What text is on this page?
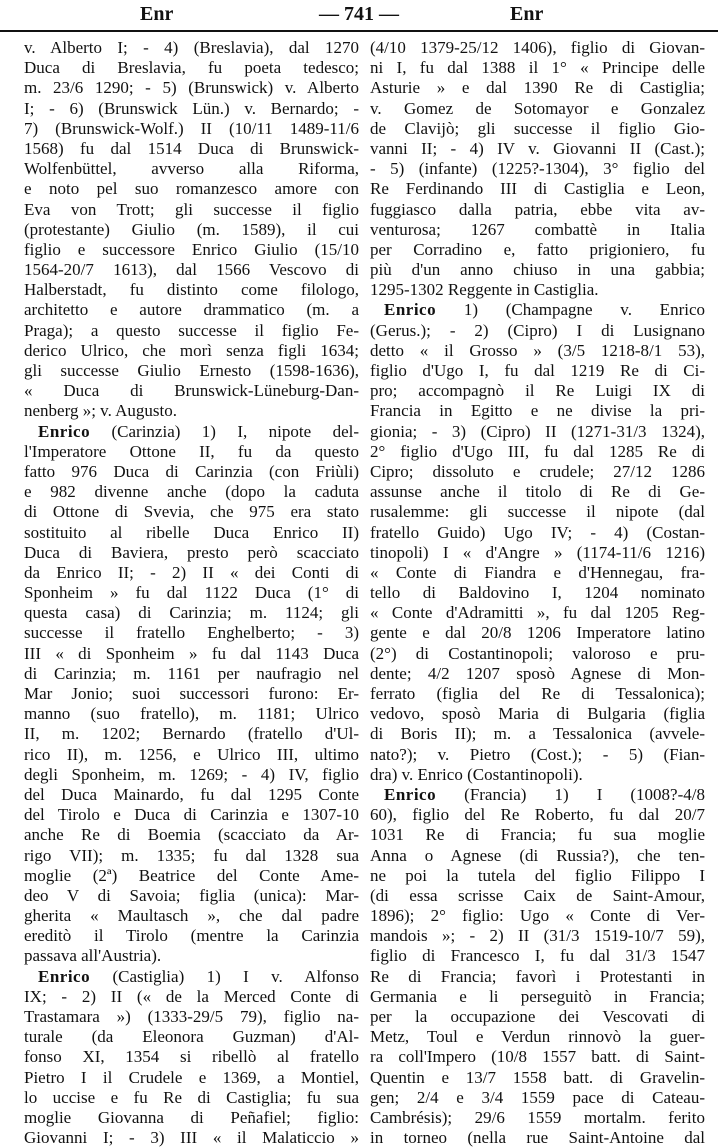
Enr	— 741 —	Enr
v. Alberto I; - 4) (Breslavia), dal 1270
Duca di Breslavia, fu poeta tedesco;
m. 23/6 1290; - 5) (Brunswick) v. Alberto
I; - 6) (Brunswick Lün.) v. Bernardo; -
7) (Brunswick-Wolf.) II (10/11 1489-11/6
1568) fu dal 1514 Duca di Brunswick-
Wolfenbüttel, avverso alla Riforma,
e noto pel suo romanzesco amore con
Eva von Trott; gli successe il figlio
(protestante) Giulio (m. 1589), il cui
figlio e successore Enrico Giulio (15/10
1564-20/7 1613), dal 1566 Vescovo di
Halberstadt, fu distinto come filologo,
architetto e autore drammatico (m. a
Praga); a questo successe il figlio Fe-
derico Ulrico, che morì senza figli 1634;
gli successe Giulio Ernesto (1598-1636),
« Duca di Brunswick-Lüneburg-Dan-
nenberg »; v. Augusto.
Enrico (Carinzia) 1) I, nipote del-
l'Imperatore Ottone II, fu da questo
fatto 976 Duca di Carinzia (con Friùli)
e 982 divenne anche (dopo la caduta
di Ottone di Svevia, che 975 era stato
sostituito al ribelle Duca Enrico II)
Duca di Baviera, presto però scacciato
da Enrico II; - 2) II « dei Conti di
Sponheim » fu dal 1122 Duca (1° di
questa casa) di Carinzia; m. 1124; gli
successe il fratello Enghelberto; - 3)
III « di Sponheim » fu dal 1143 Duca
di Carinzia; m. 1161 per naufragio nel
Mar Jonio; suoi successori furono: Er-
manno (suo fratello), m. 1181; Ulrico
II, m. 1202; Bernardo (fratello d'Ul-
rico II), m. 1256, e Ulrico III, ultimo
degli Sponheim, m. 1269; - 4) IV, figlio
del Duca Mainardo, fu dal 1295 Conte
del Tirolo e Duca di Carinzia e 1307-10
anche Re di Boemia (scacciato da Ar-
rigo VII); m. 1335; fu dal 1328 sua
moglie (2ª) Beatrice del Conte Ame-
deo V di Savoia; figlia (unica): Mar-
gherita « Maultasch », che dal padre
ereditò il Tirolo (mentre la Carinzia
passava all'Austria).
Enrico (Castiglia) 1) I v. Alfonso
IX; - 2) II (« de la Merced Conte di
Trastamara ») (1333-29/5 79), figlio na-
turale (da Eleonora Guzman) d'Al-
fonso XI, 1354 si ribellò al fratello
Pietro I il Crudele e 1369, a Montiel,
lo uccise e fu Re di Castiglia; fu sua
moglie Giovanna di Peñafiel; figlio:
Giovanni I; - 3) III « il Malaticcio »
(4/10 1379-25/12 1406), figlio di Giovan-
ni I, fu dal 1388 il 1° « Principe delle
Asturie » e dal 1390 Re di Castiglia;
v. Gomez de Sotomayor e Gonzalez
de Clavijò; gli successe il figlio Gio-
vanni II; - 4) IV v. Giovanni II (Cast.);
- 5) (infante) (1225?-1304), 3° figlio del
Re Ferdinando III di Castiglia e Leon,
fuggiasco dalla patria, ebbe vita av-
venturosa; 1267 combattè in Italia
per Corradino e, fatto prigioniero, fu
più d'un anno chiuso in una gabbia;
1295-1302 Reggente in Castiglia.
Enrico 1) (Champagne v. Enrico
(Gerus.); - 2) (Cipro) I di Lusignano
detto « il Grosso » (3/5 1218-8/1 53),
figlio d'Ugo I, fu dal 1219 Re di Ci-
pro; accompagnò il Re Luigi IX di
Francia in Egitto e ne divise la pri-
gionia; - 3) (Cipro) II (1271-31/3 1324),
2° figlio d'Ugo III, fu dal 1285 Re di
Cipro; dissoluto e crudele; 27/12 1286
assunse anche il titolo di Re di Ge-
rusalemme: gli successe il nipote (dal
fratello Guido) Ugo IV; - 4) (Costan-
tinopoli) I « d'Angre » (1174-11/6 1216)
« Conte di Fiandra e d'Hennegau, fra-
tello di Baldovino I, 1204 nominato
« Conte d'Adramitti », fu dal 1205 Reg-
gente e dal 20/8 1206 Imperatore latino
(2°) di Costantinopoli; valoroso e pru-
dente; 4/2 1207 sposò Agnese di Mon-
ferrato (figlia del Re di Tessalonica);
vedovo, sposò Maria di Bulgaria (figlia
di Boris II); m. a Tessalonica (avvele-
nato?); v. Pietro (Cost.); - 5) (Fian-
dra) v. Enrico (Costantinopoli).
Enrico (Francia) 1) I (1008?-4/8
60), figlio del Re Roberto, fu dal 20/7
1031 Re di Francia; fu sua moglie
Anna o Agnese (di Russia?), che ten-
ne poi la tutela del figlio Filippo I
(di essa scrisse Caix de Saint-Amour,
1896); 2° figlio: Ugo « Conte di Ver-
mandois »; - 2) II (31/3 1519-10/7 59),
figlio di Francesco I, fu dal 31/3 1547
Re di Francia; favorì i Protestanti in
Germania e li perseguitò in Francia;
per la occupazione dei Vescovati di
Metz, Toul e Verdun rinnovò la guer-
ra coll'Impero (10/8 1557 batt. di Saint-
Quentin e 13/7 1558 batt. di Gravelin-
gen; 2/4 e 3/4 1559 pace di Cateau-
Cambrésis); 29/6 1559 mortalm. ferito
in torneo (nella rue Saint-Antoine dal
